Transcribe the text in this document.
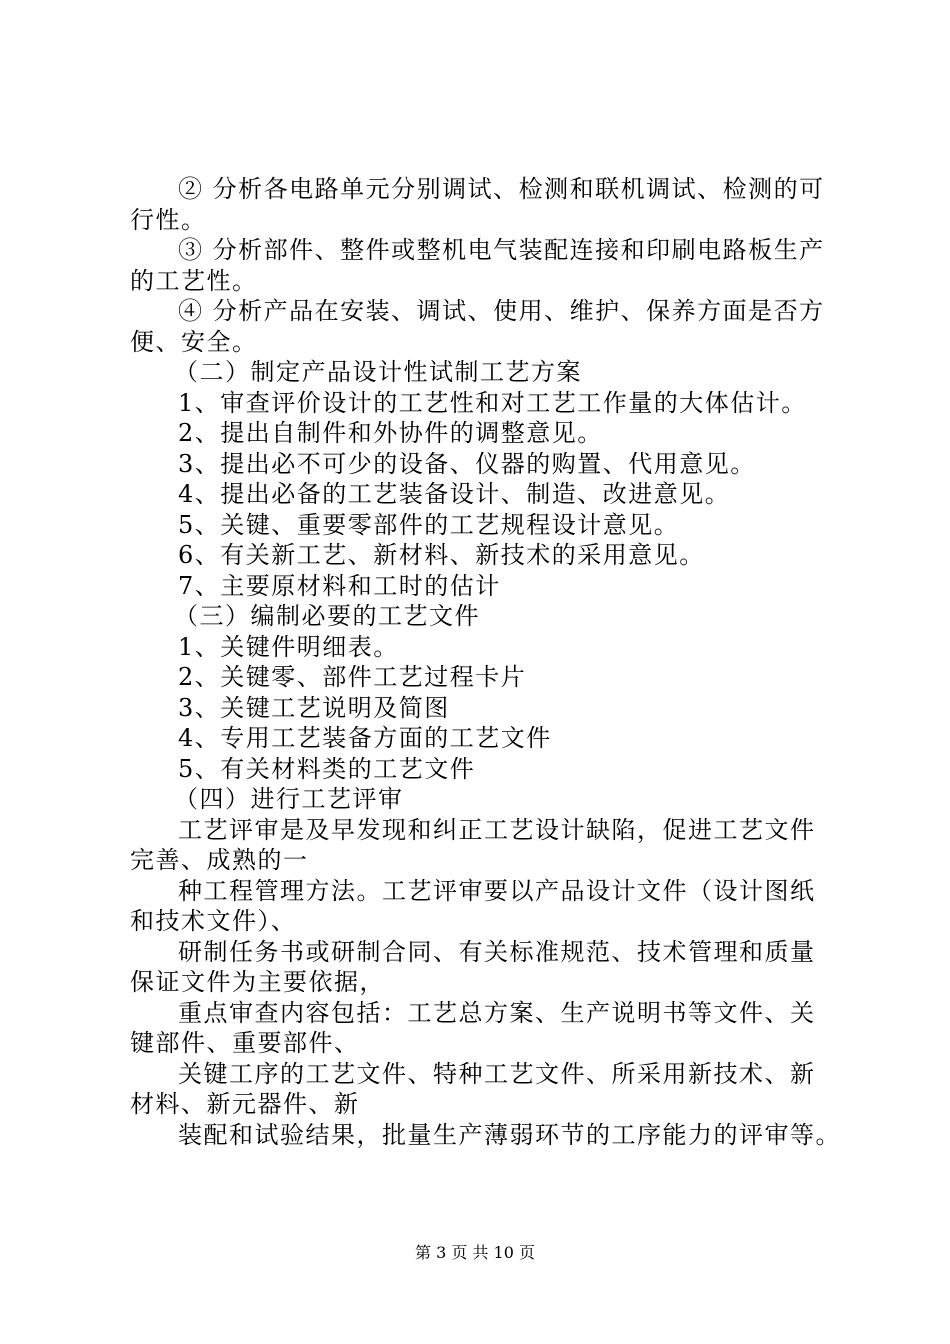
② 分析各电路单元分别调试、检测和联机调试、检测的可
行性。
③ 分析部件、整件或整机电气装配连接和印刷电路板生产
的工艺性。
④ 分析产品在安装、调试、使用、维护、保养方面是否方
便、安全。
（二）制定产品设计性试制工艺方案
1、审查评价设计的工艺性和对工艺工作量的大体估计。
2、提出自制件和外协件的调整意见。
3、提出必不可少的设备、仪器的购置、代用意见。
4、提出必备的工艺装备设计、制造、改进意见。
5、关键、重要零部件的工艺规程设计意见。
6、有关新工艺、新材料、新技术的采用意见。
7、主要原材料和工时的估计
（三）编制必要的工艺文件
1、关键件明细表。
2、关键零、部件工艺过程卡片
3、关键工艺说明及简图
4、专用工艺装备方面的工艺文件
5、有关材料类的工艺文件
（四）进行工艺评审
工艺评审是及早发现和纠正工艺设计缺陷，促进工艺文件
完善、成熟的一
种工程管理方法。工艺评审要以产品设计文件（设计图纸
和技术文件）、
研制任务书或研制合同、有关标准规范、技术管理和质量
保证文件为主要依据，
重点审查内容包括：工艺总方案、生产说明书等文件、关
键部件、重要部件、
关键工序的工艺文件、特种工艺文件、所采用新技术、新
材料、新元器件、新
装配和试验结果，批量生产薄弱环节的工序能力的评审等。
第 3 页 共 10 页
